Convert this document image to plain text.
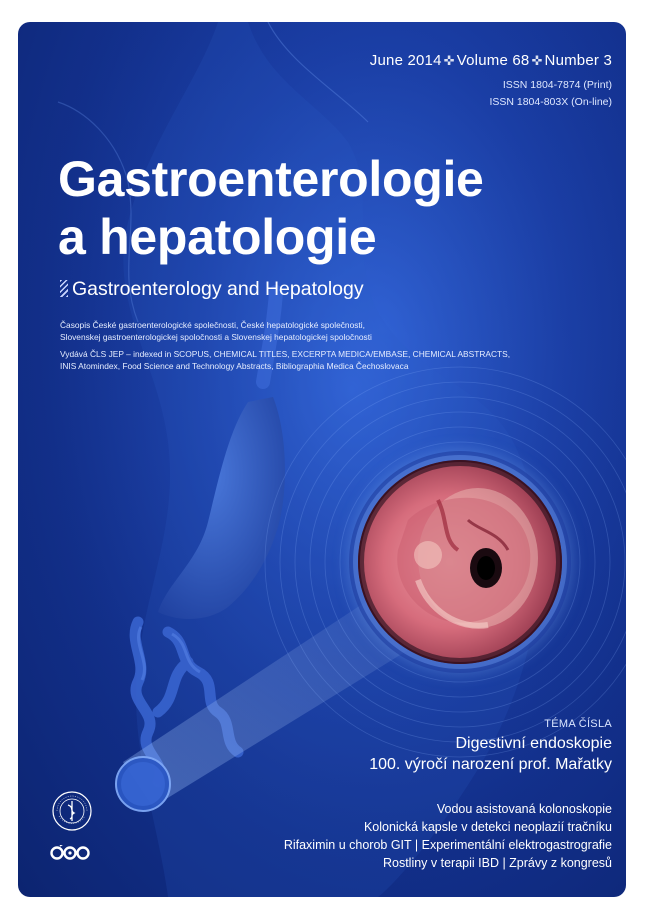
June 2014 ✜ Volume 68 ✜ Number 3
ISSN 1804-7874 (Print)
ISSN 1804-803X (On-line)
Gastroenterologie
a hepatologie
Gastroenterology and Hepatology
Časopis České gastroenterologické společnosti, České hepatologické společnosti,
Slovenskej gastroenterologickej spoločnosti a Slovenskej hepatologickej spoločnosti
Vydává ČLS JEP – indexed in SCOPUS, CHEMICAL TITLES, EXCERPTA MEDICA/EMBASE, CHEMICAL ABSTRACTS,
INIS Atomindex, Food Science and Technology Abstracts, Bibliographia Medica Čechoslovaca
TÉMA ČÍSLA
Digestivní endoskopie
100. výročí narození prof. Mařatky
Vodou asistovaná kolonoskopie
Kolonická kapsle v detekci neoplazií tračníku
Rifaximin u chorob GIT | Experimentální elektrogastrografie
Rostliny v terapii IBD | Zprávy z kongresů
